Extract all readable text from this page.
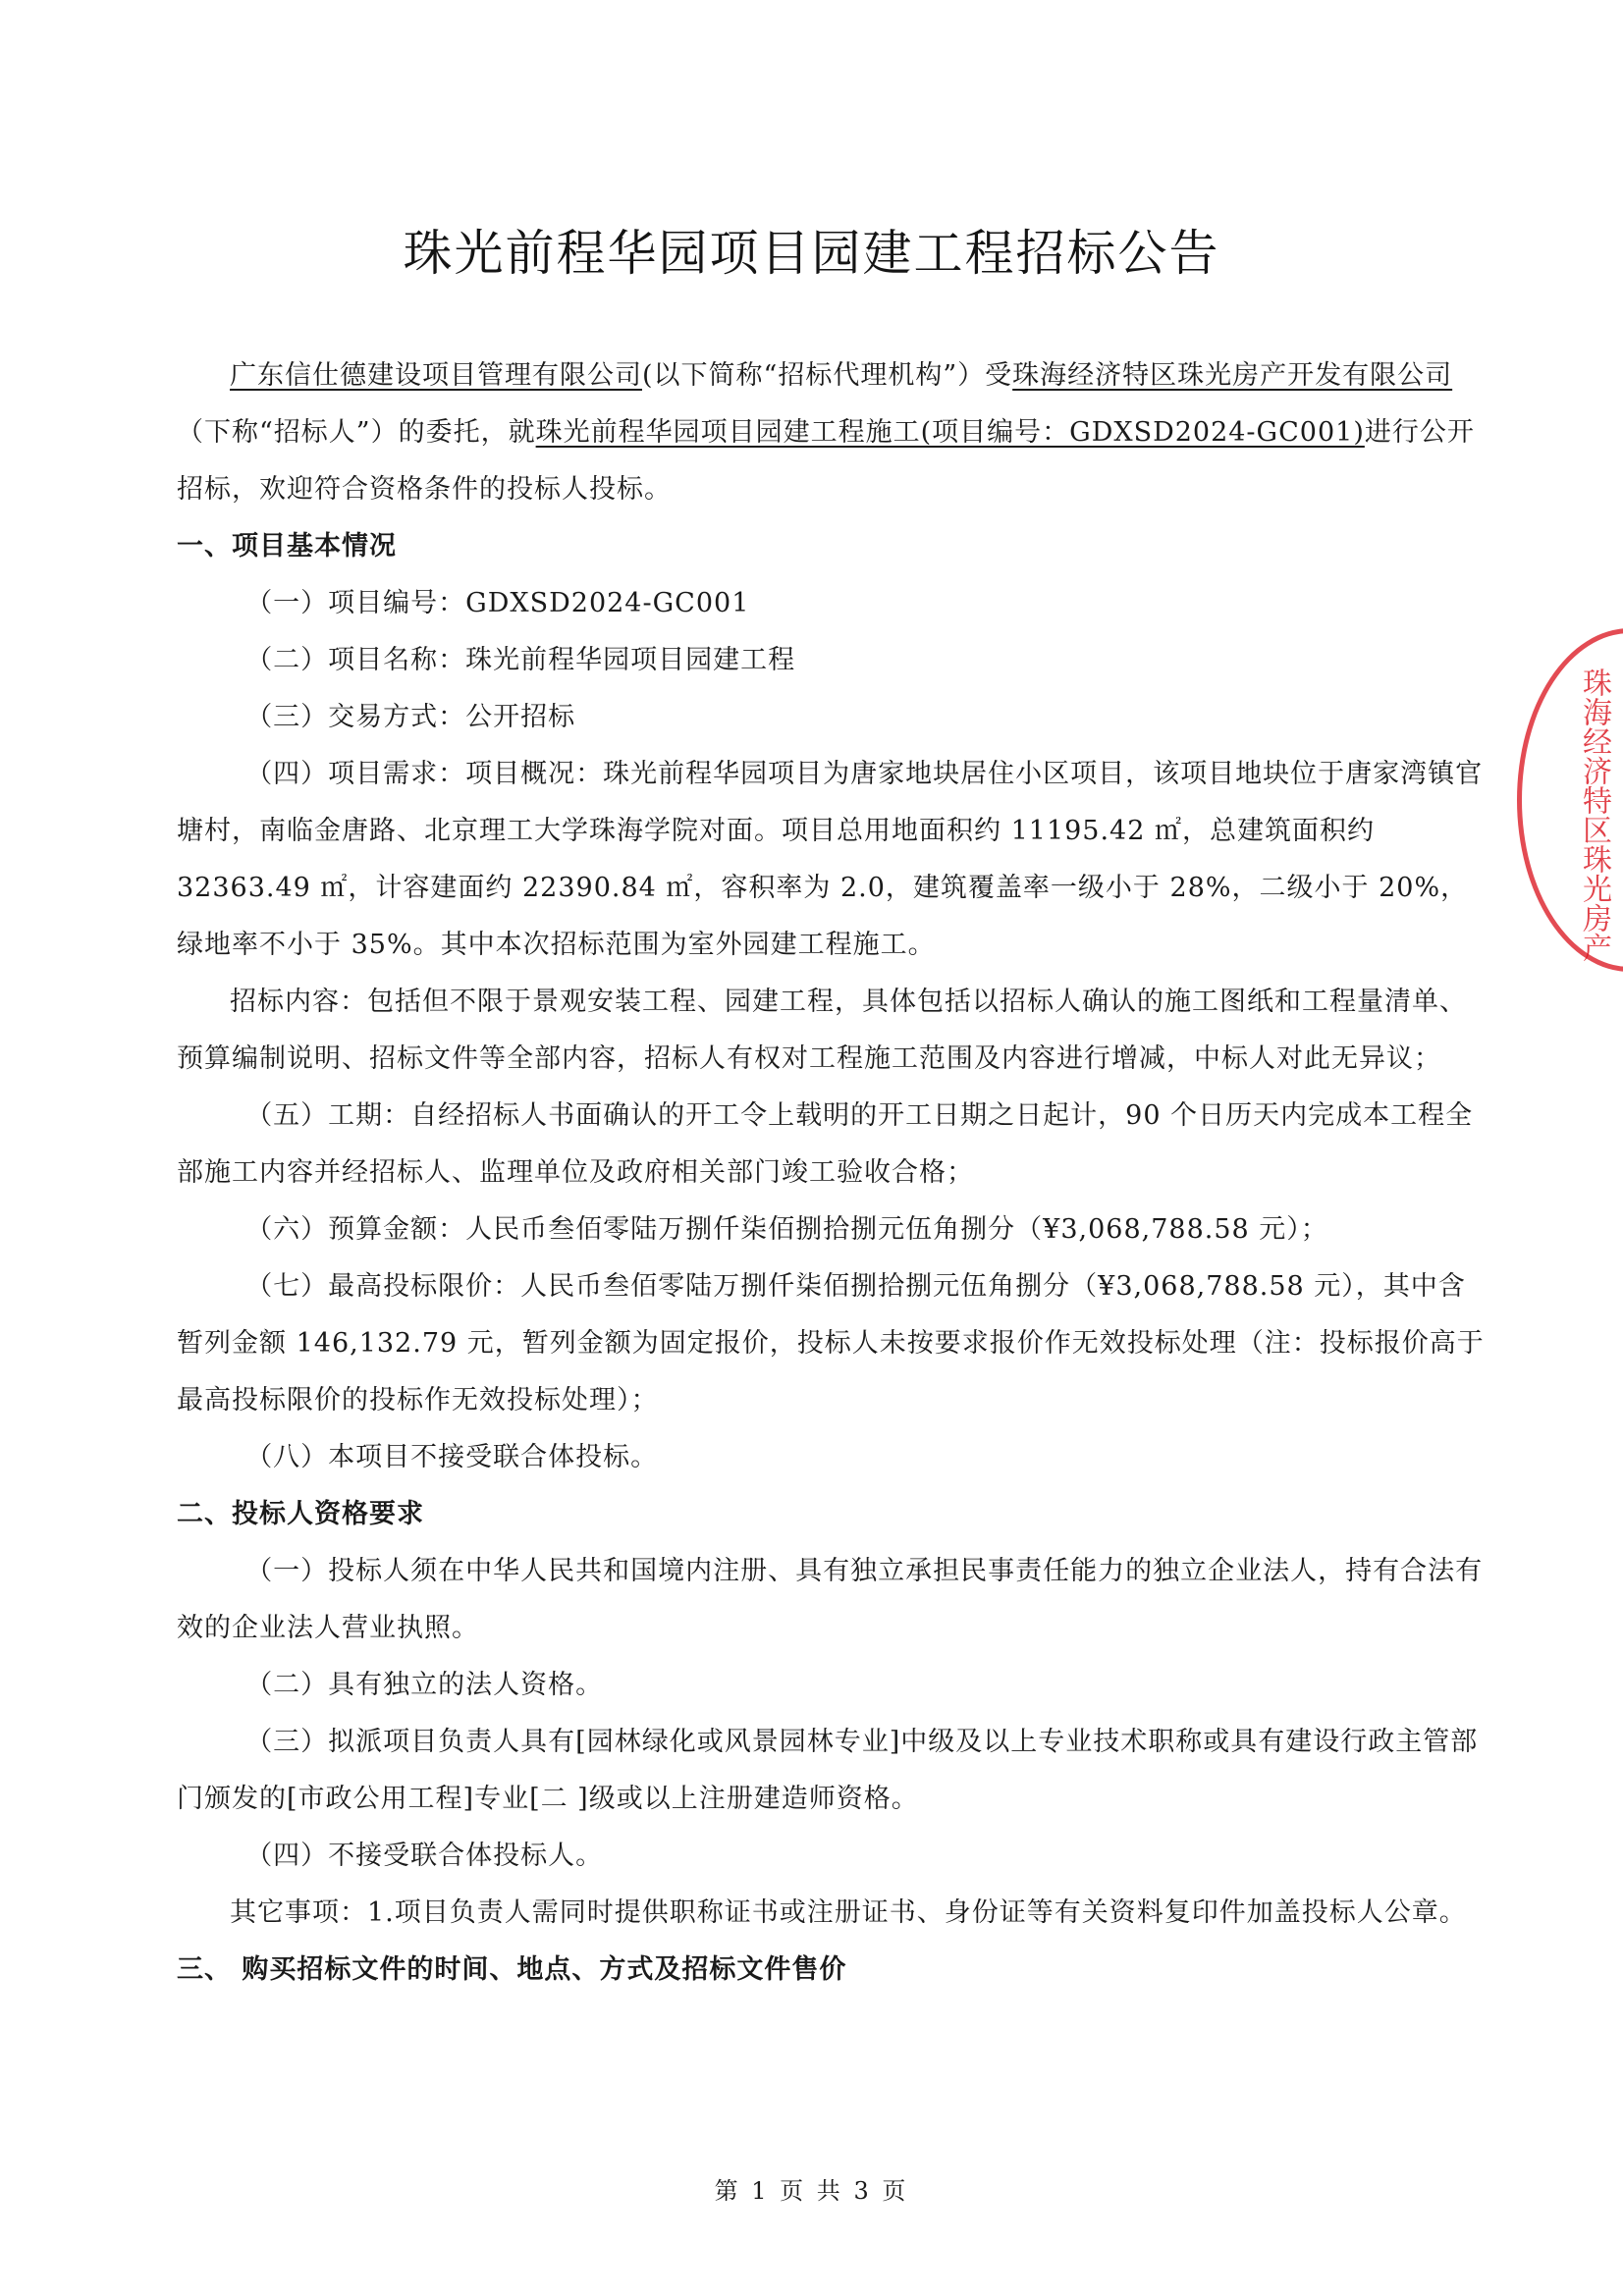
珠光前程华园项目园建工程招标公告

广东信仕德建设项目管理有限公司(以下简称“招标代理机构”）受珠海经济特区珠光房产开发有限公司（下称“招标人”）的委托，就珠光前程华园项目园建工程施工(项目编号：GDXSD2024-GC001)进行公开招标，欢迎符合资格条件的投标人投标。

一、项目基本情况

（一）项目编号：GDXSD2024-GC001

（二）项目名称：珠光前程华园项目园建工程

（三）交易方式：公开招标

（四）项目需求：项目概况：珠光前程华园项目为唐家地块居住小区项目，该项目地块位于唐家湾镇官塘村，南临金唐路、北京理工大学珠海学院对面。项目总用地面积约 11195.42 ㎡，总建筑面积约 32363.49 ㎡，计容建面约 22390.84 ㎡，容积率为 2.0，建筑覆盖率一级小于 28%，二级小于 20%，绿地率不小于 35%。其中本次招标范围为室外园建工程施工。

招标内容：包括但不限于景观安装工程、园建工程，具体包括以招标人确认的施工图纸和工程量清单、预算编制说明、招标文件等全部内容，招标人有权对工程施工范围及内容进行增减，中标人对此无异议；

（五）工期：自经招标人书面确认的开工令上载明的开工日期之日起计，90 个日历天内完成本工程全部施工内容并经招标人、监理单位及政府相关部门竣工验收合格；

（六）预算金额：人民币叁佰零陆万捌仟柒佰捌拾捌元伍角捌分（¥3,068,788.58 元）；

（七）最高投标限价：人民币叁佰零陆万捌仟柒佰捌拾捌元伍角捌分（¥3,068,788.58 元），其中含暂列金额 146,132.79 元，暂列金额为固定报价，投标人未按要求报价作无效投标处理（注：投标报价高于最高投标限价的投标作无效投标处理）；

（八）本项目不接受联合体投标。

二、投标人资格要求

（一）投标人须在中华人民共和国境内注册、具有独立承担民事责任能力的独立企业法人，持有合法有效的企业法人营业执照。

（二）具有独立的法人资格。

（三）拟派项目负责人具有[园林绿化或风景园林专业]中级及以上专业技术职称或具有建设行政主管部门颁发的[市政公用工程]专业[二 ]级或以上注册建造师资格。

（四）不接受联合体投标人。

其它事项：1.项目负责人需同时提供职称证书或注册证书、身份证等有关资料复印件加盖投标人公章。

三、 购买招标文件的时间、地点、方式及招标文件售价

珠海经济特区珠光房产
第 1 页 共 3 页
